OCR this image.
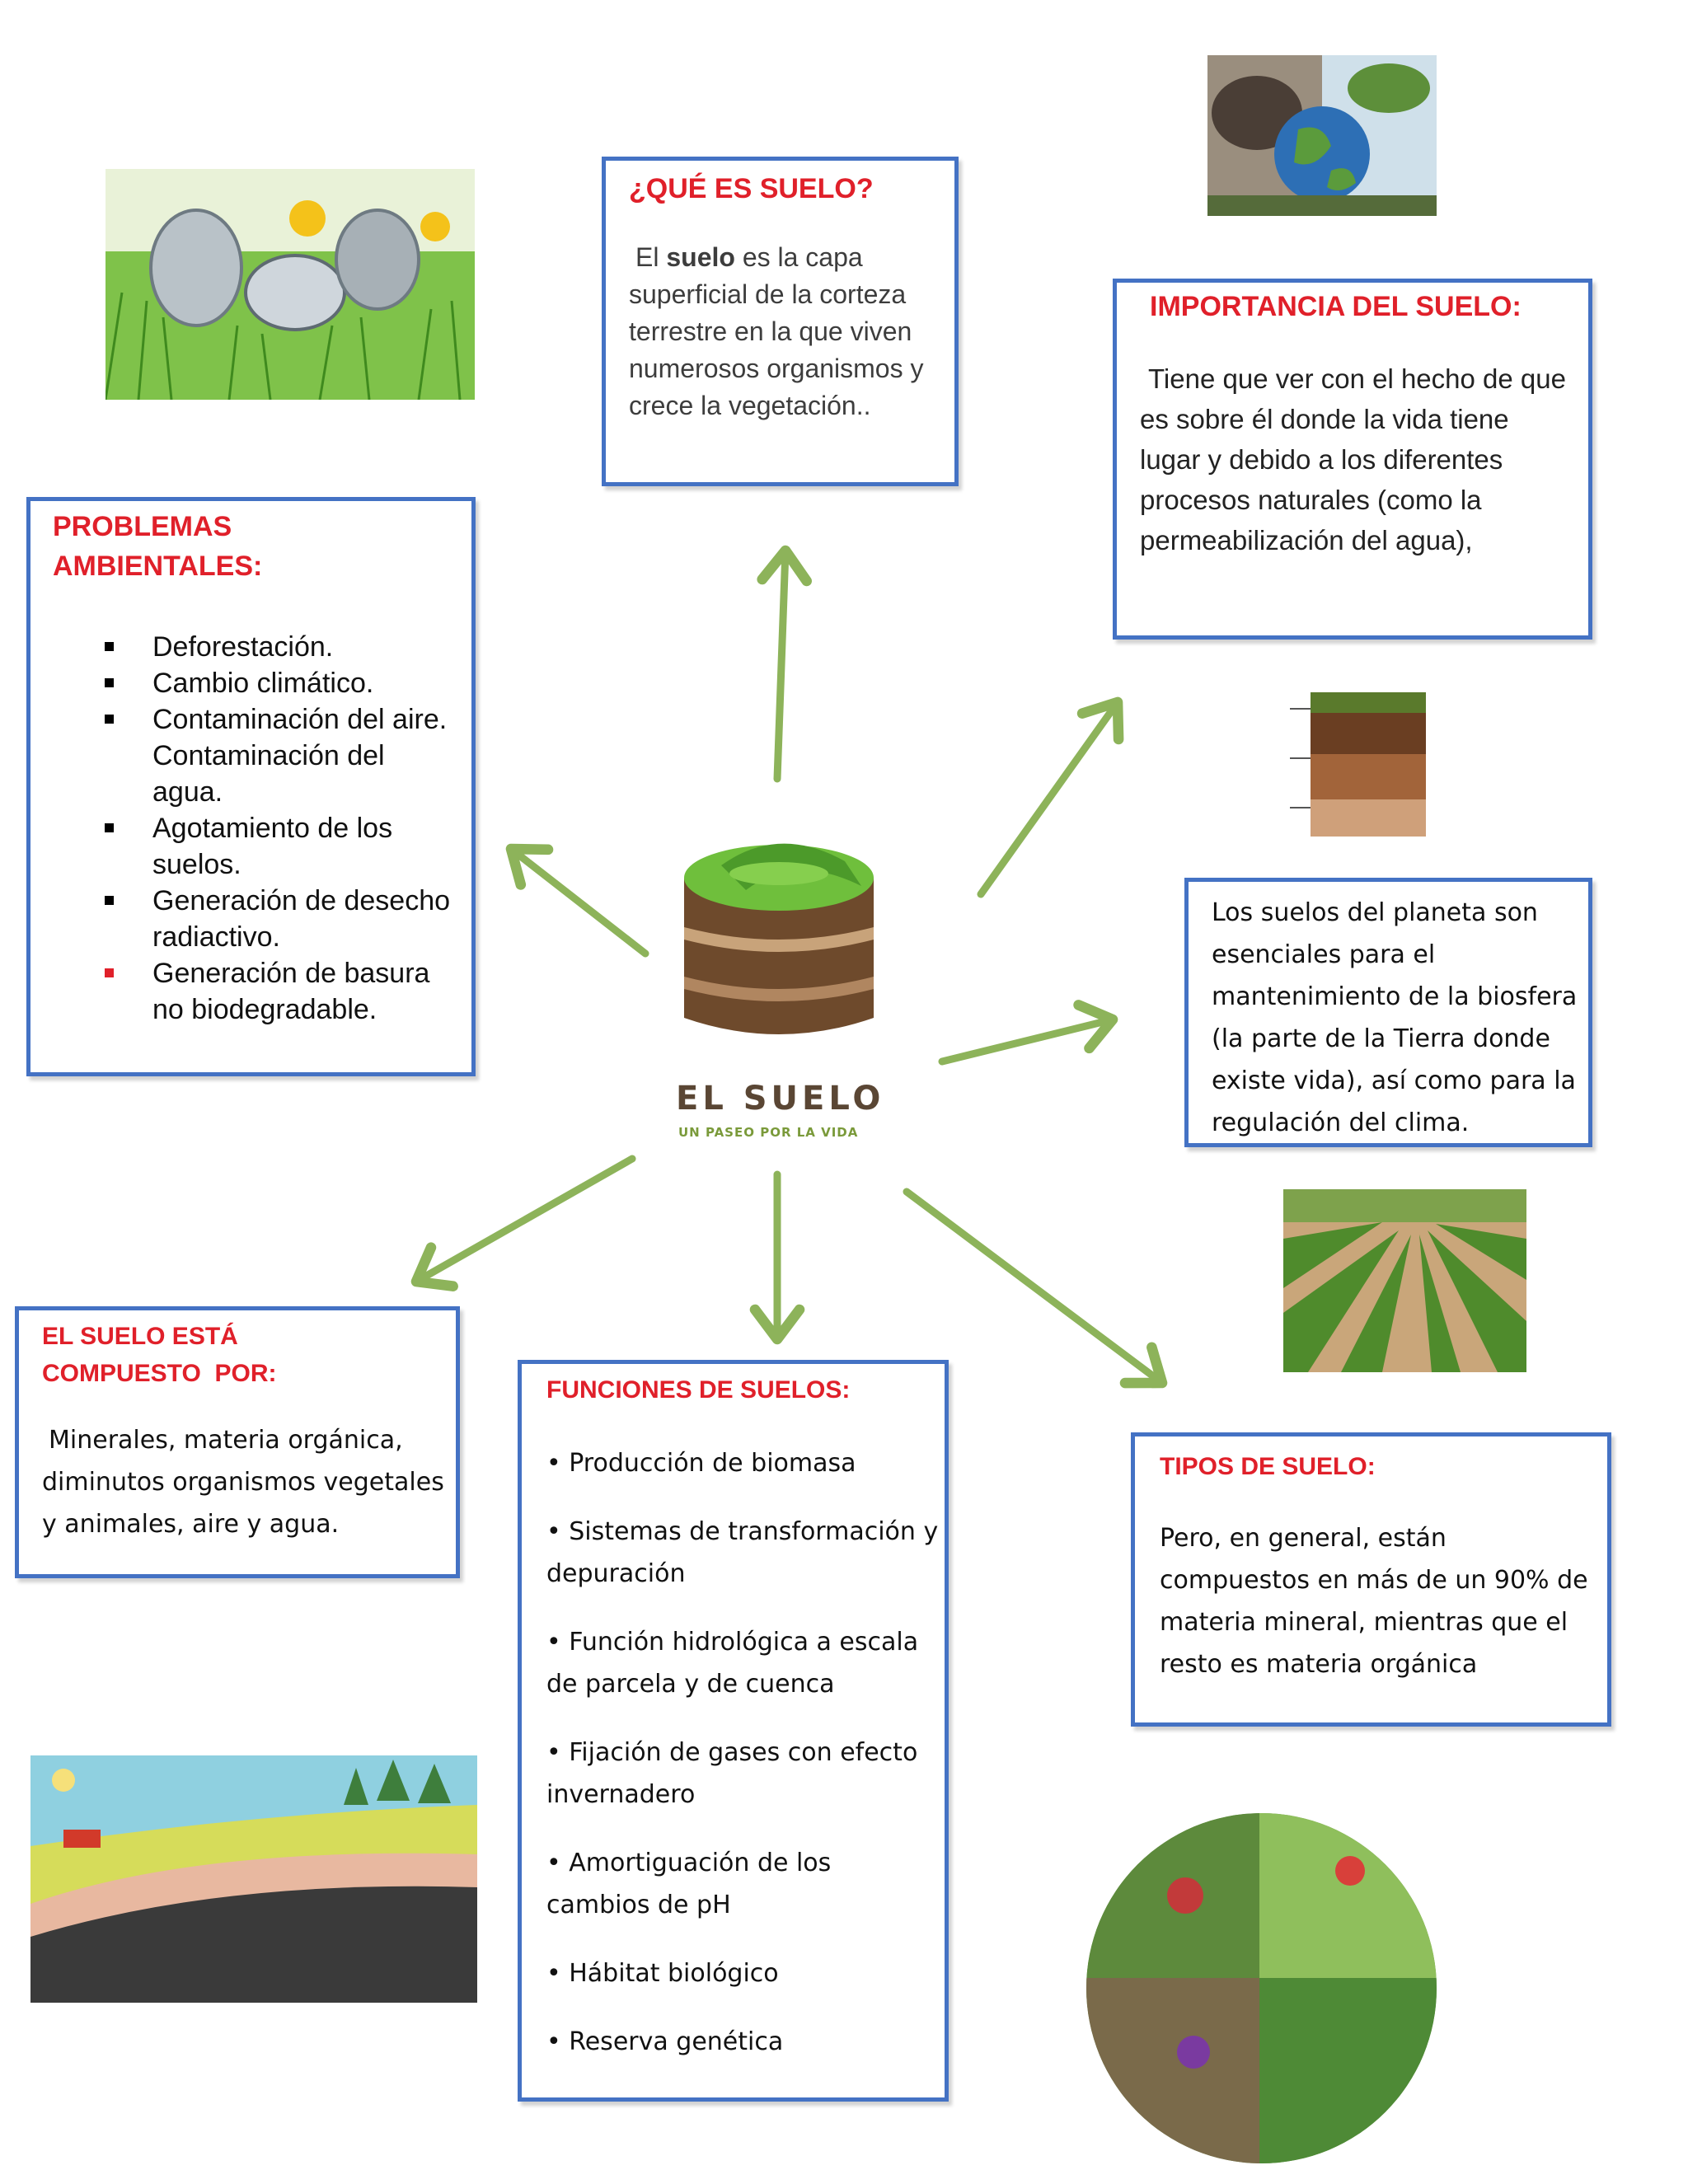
EL SUELO
UN PASEO POR LA VIDA
¿QUÉ ES SUELO?
El suelo es la capa superficial de la corteza terrestre en la que viven numerosos organismos y crece la vegetación..
IMPORTANCIA DEL SUELO:
Tiene que ver con el hecho de que es sobre él donde la vida tiene lugar y debido a los diferentes procesos naturales (como la permeabilización del agua),
PROBLEMAS
AMBIENTALES:
Deforestación.
Cambio climático.
Contaminación del aire. Contaminación del agua.
Agotamiento de los suelos.
Generación de desecho radiactivo.
Generación de basura no biodegradable.
Los suelos del planeta son esenciales para el mantenimiento de la biosfera (la parte de la Tierra donde existe vida), así como para la regulación del clima.
EL SUELO ESTÁ
COMPUESTO  POR:
Minerales, materia orgánica, diminutos organismos vegetales y animales, aire y agua.
FUNCIONES DE SUELOS:
• Producción de biomasa
• Sistemas de transformación y depuración
• Función hidrológica a escala de parcela y de cuenca
• Fijación de gases con efecto invernadero
• Amortiguación de los cambios de pH
• Hábitat biológico
• Reserva genética
TIPOS DE SUELO:
Pero, en general, están compuestos en más de un 90% de materia mineral, mientras que el resto es materia orgánica
